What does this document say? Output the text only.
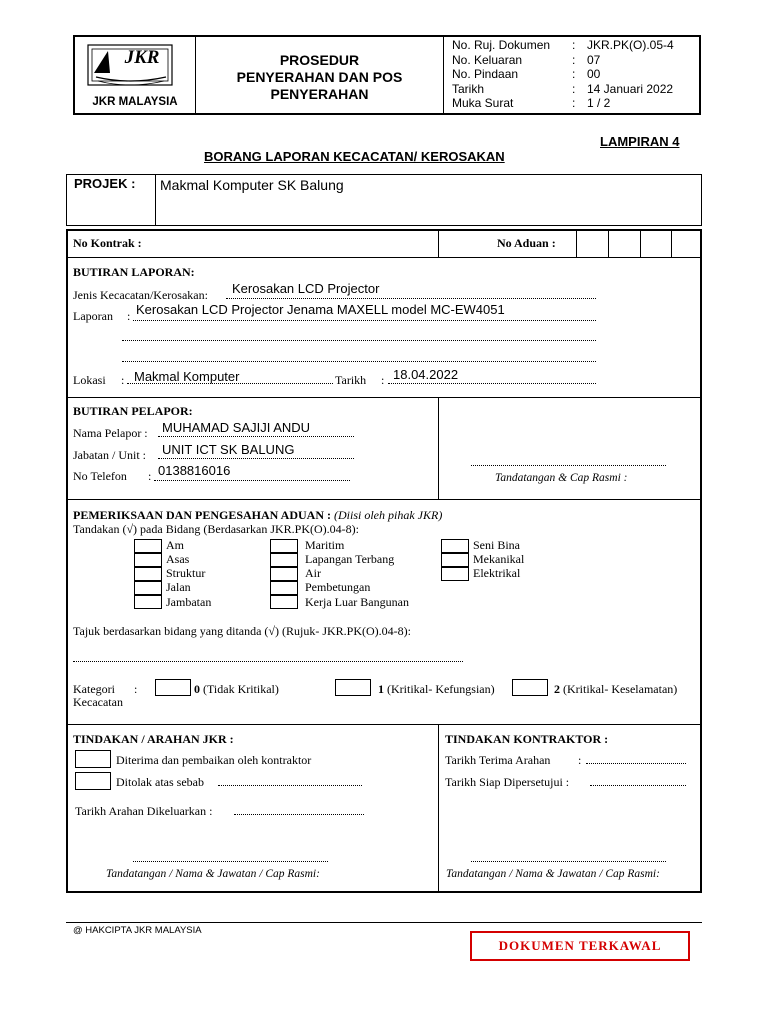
JKR
JKR MALAYSIA
PROSEDUR
PENYERAHAN DAN POS
PENYERAHAN
No. Ruj. Dokumen : JKR.PK(O).05-4
No. Keluaran	: 07
No. Pindaan	: 00
Tarikh	: 14 Januari 2022
Muka Surat	: 1 / 2
LAMPIRAN 4
BORANG LAPORAN KECACATAN/ KEROSAKAN
PROJEK : Makmal Komputer SK Balung
No Kontrak :	No Aduan :
BUTIRAN LAPORAN:
Jenis Kecacatan/Kerosakan: Kerosakan LCD Projector
Laporan : Kerosakan LCD Projector Jenama MAXELL model MC-EW4051
Lokasi : Makmal Komputer	Tarikh : 18.04.2022
BUTIRAN PELAPOR:
Nama Pelapor : MUHAMAD SAJIJI ANDU
Jabatan / Unit : UNIT ICT SK BALUNG
No Telefon : 0138816016	Tandatangan & Cap Rasmi :
PEMERIKSAAN DAN PENGESAHAN ADUAN : (Diisi oleh pihak JKR)
Tandakan (√) pada Bidang (Berdasarkan JKR.PK(O).04-8):
Am
Asas
Struktur
Jalan
Jambatan
Maritim
Lapangan Terbang
Air
Pembetungan
Kerja Luar Bangunan
Seni Bina
Mekanikal
Elektrikal
Tajuk berdasarkan bidang yang ditanda (√) (Rujuk- JKR.PK(O).04-8):
Kategori :
Kecacatan
0 (Tidak Kritikal)	1 (Kritikal- Kefungsian)	2 (Kritikal- Keselamatan)
TINDAKAN / ARAHAN JKR :
Diterima dan pembaikan oleh kontraktor
Ditolak atas sebab
Tarikh Arahan Dikeluarkan :
Tandatangan / Nama & Jawatan / Cap Rasmi:
TINDAKAN KONTRAKTOR :
Tarikh Terima Arahan :
Tarikh Siap Dipersetujui :
Tandatangan / Nama & Jawatan / Cap Rasmi:
@ HAKCIPTA JKR MALAYSIA
DOKUMEN TERKAWAL
